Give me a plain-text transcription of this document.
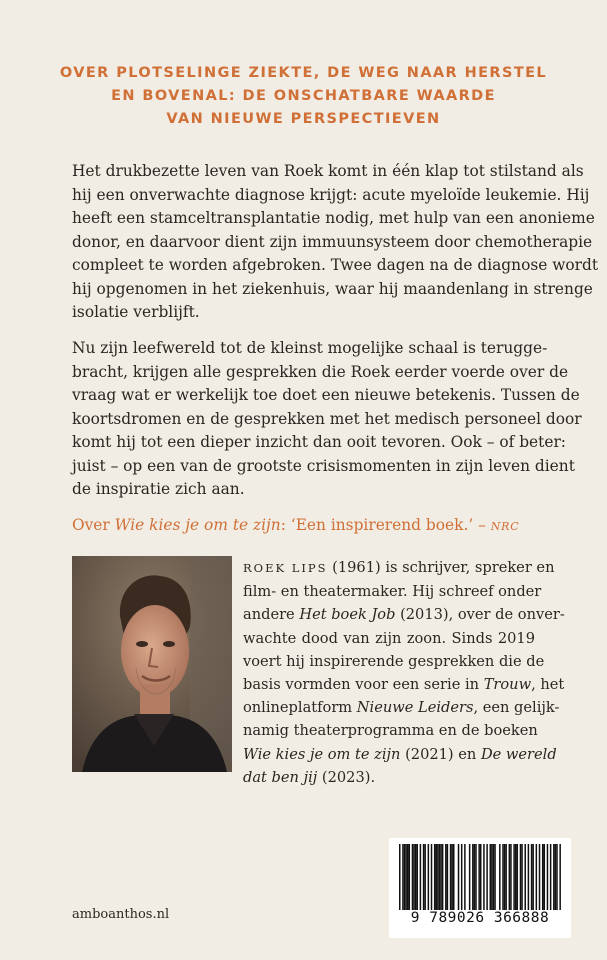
OVER PLOTSELINGE ZIEKTE, DE WEG NAAR HERSTEL
EN BOVENAL: DE ONSCHATBARE WAARDE
VAN NIEUWE PERSPECTIEVEN
Het drukbezette leven van Roek komt in één klap tot stilstand als
hij een onverwachte diagnose krijgt: acute myeloïde leukemie. Hij
heeft een stamceltransplantatie nodig, met hulp van een anonieme
donor, en daarvoor dient zijn immuunsysteem door chemotherapie
compleet te worden afgebroken. Twee dagen na de diagnose wordt
hij opgenomen in het ziekenhuis, waar hij maandenlang in strenge
isolatie verblijft.
Nu zijn leefwereld tot de kleinst mogelijke schaal is terugge-
bracht, krijgen alle gesprekken die Roek eerder voerde over de
vraag wat er werkelijk toe doet een nieuwe betekenis. Tussen de
koortsdromen en de gesprekken met het medisch personeel door
komt hij tot een dieper inzicht dan ooit tevoren. Ook – of beter:
juist – op een van de grootste crisismomenten in zijn leven dient
de inspiratie zich aan.
Over Wie kies je om te zijn: ‘Een inspirerend boek.’ – NRC
ROEK LIPS (1961) is schrijver, spreker en
film- en theatermaker. Hij schreef onder
andere Het boek Job (2013), over de onver-
wachte dood van zijn zoon. Sinds 2019
voert hij inspirerende gesprekken die de
basis vormden voor een serie in Trouw, het
onlineplatform Nieuwe Leiders, een gelijk-
namig theaterprogramma en de boeken
Wie kies je om te zijn (2021) en De wereld
dat ben jij (2023).
amboanthos.nl	9 789026 366888
